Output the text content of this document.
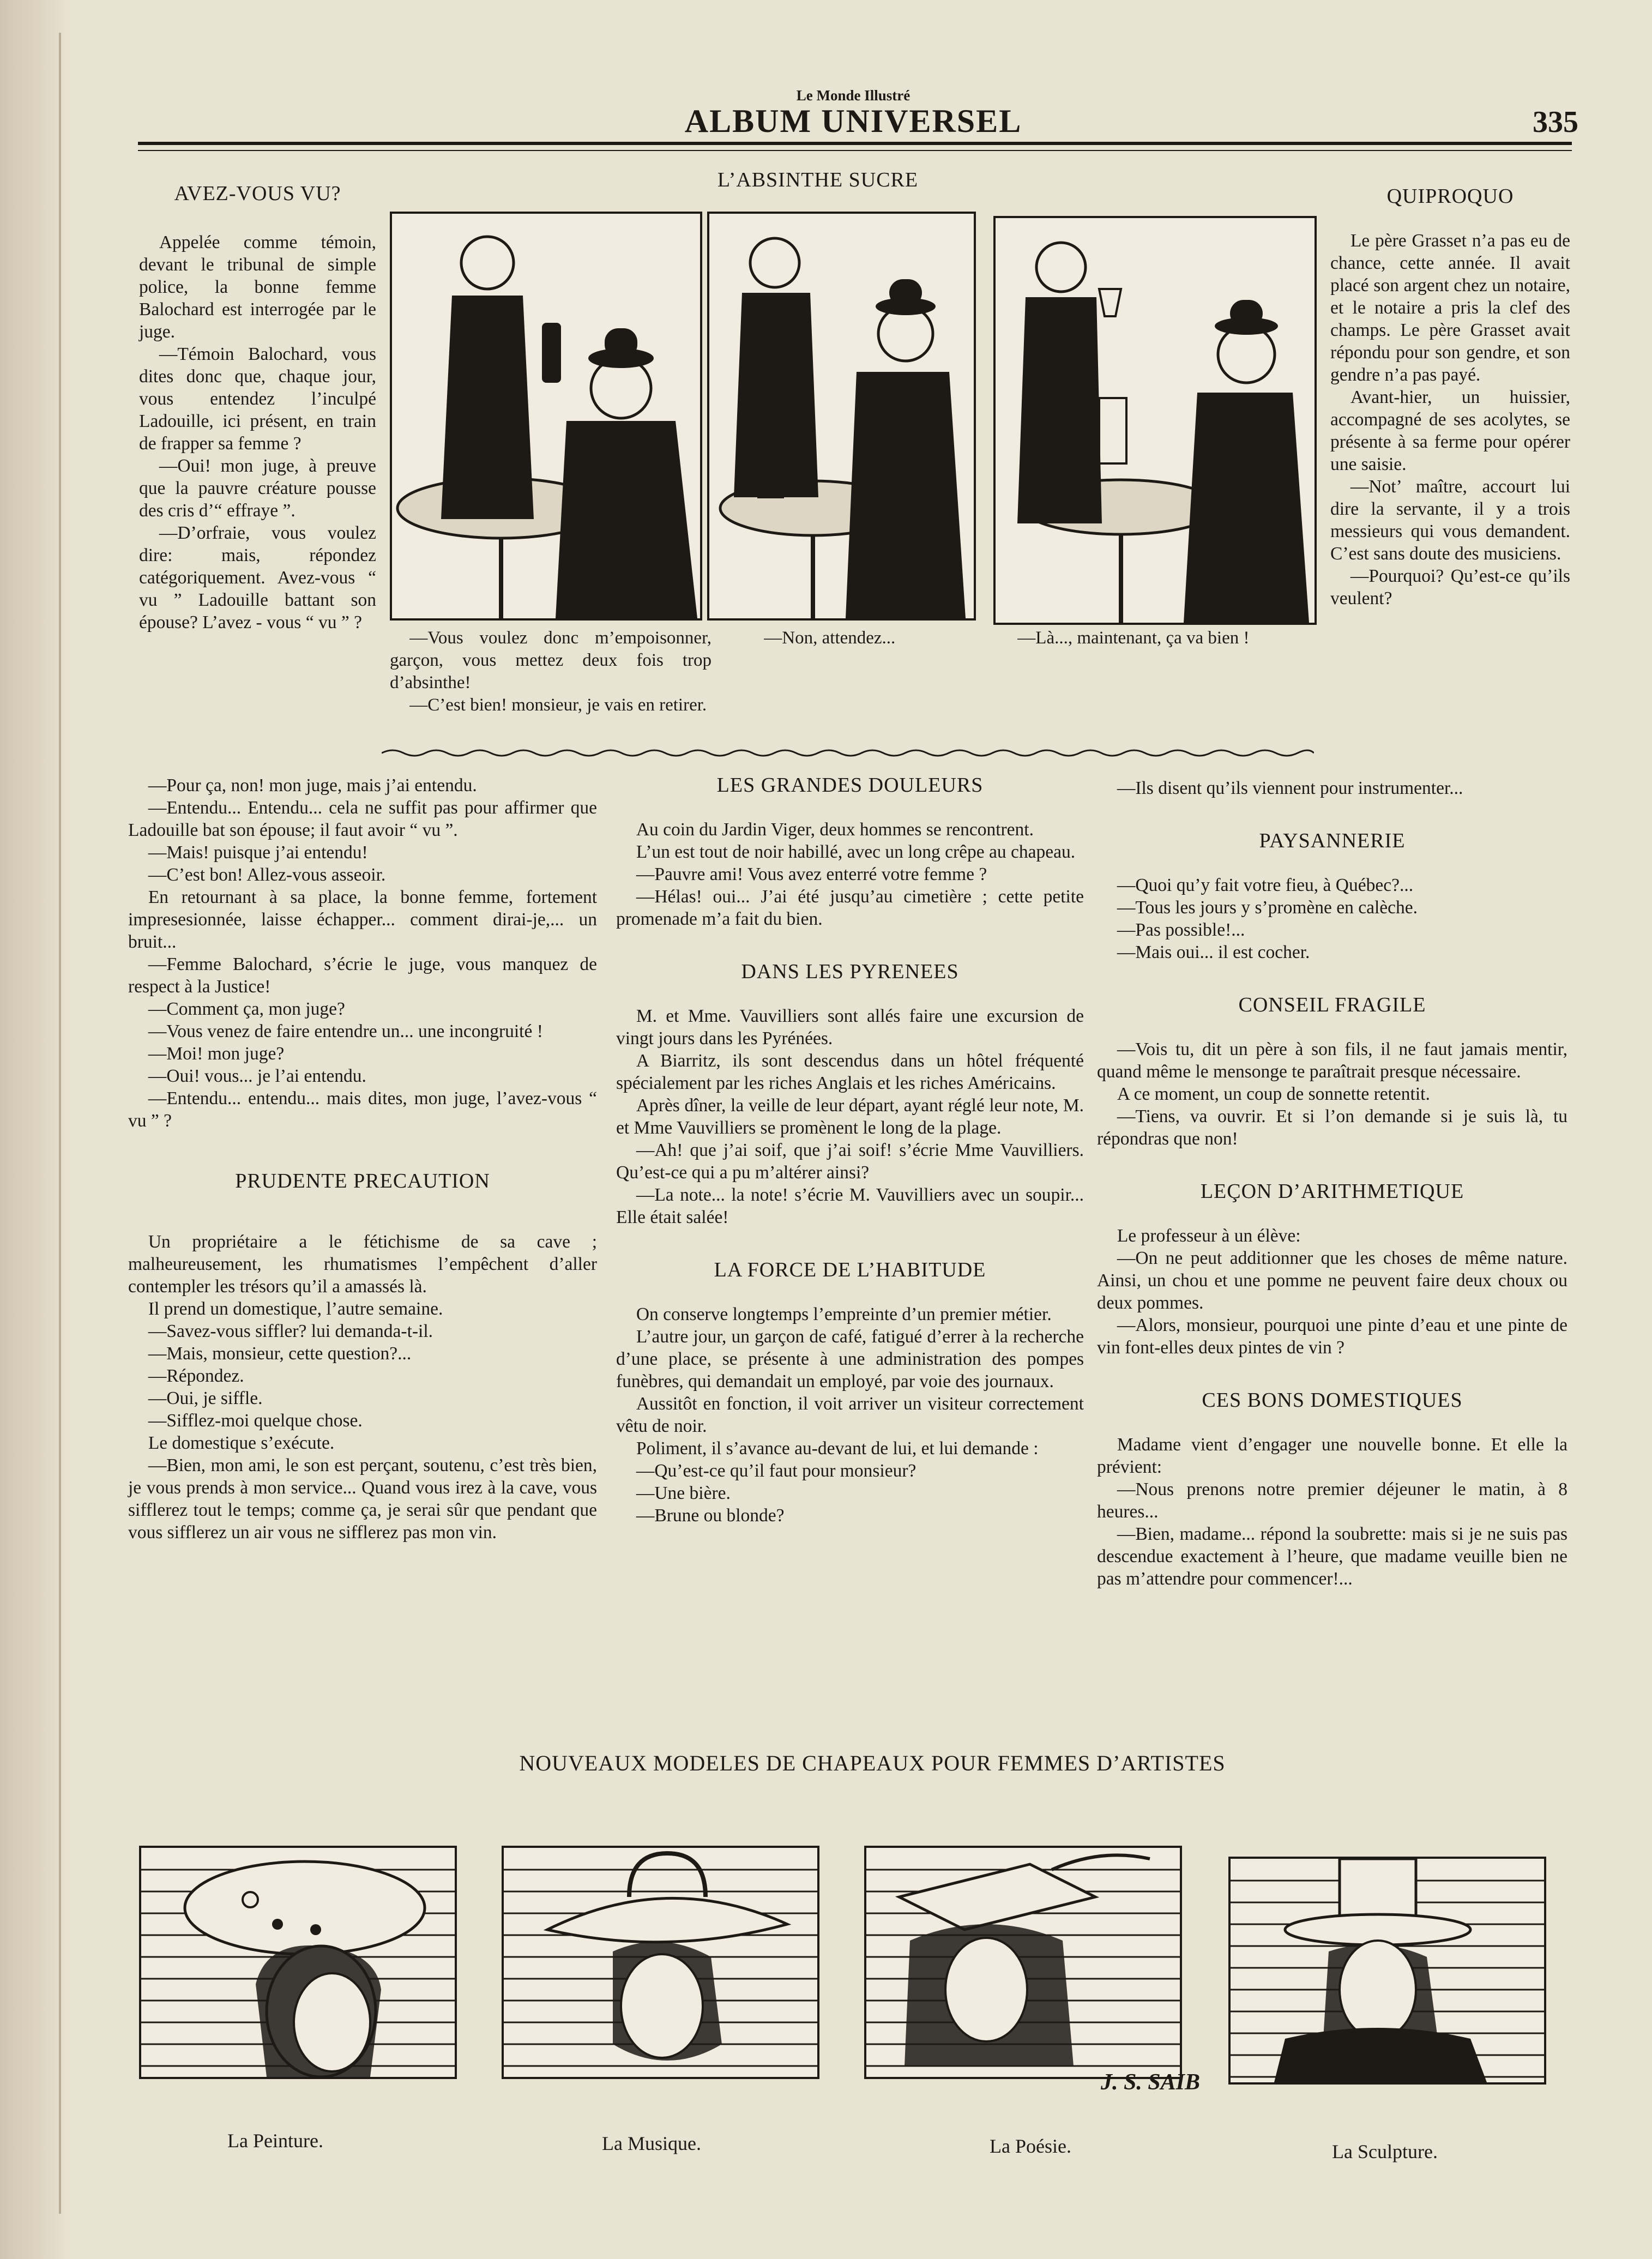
Le Monde Illustré
ALBUM UNIVERSEL	335
AVEZ-VOUS VU?

Appelée comme témoin, devant le tribunal de simple police, la bonne femme Balochard est interrogée par le juge.

—Témoin Balochard, vous dites donc que, chaque jour, vous entendez l’inculpé Ladouille, ici présent, en train de frapper sa femme ?

—Oui! mon juge, à preuve que la pauvre créature pousse des cris d’“ effraye ”.

—D’orfraie, vous voulez dire: mais, répondez catégoriquement. Avez-vous “ vu ” Ladouille battant son épouse? L’avez - vous “ vu ” ?

L’ABSINTHE SUCRE

—Vous voulez donc m’empoisonner, garçon, vous mettez deux fois trop d’absinthe!

—C’est bien! monsieur, je vais en retirer.

—Non, attendez...	—Là..., maintenant, ça va bien !

QUIPROQUO

Le père Grasset n’a pas eu de chance, cette année. Il avait placé son argent chez un notaire, et le notaire a pris la clef des champs. Le père Grasset avait répondu pour son gendre, et son gendre n’a pas payé.

Avant-hier, un huissier, accompagné de ses acolytes, se présente à sa ferme pour opérer une saisie.

—Not’ maître, accourt lui dire la servante, il y a trois messieurs qui vous demandent. C’est sans doute des musiciens.

—Pourquoi? Qu’est-ce qu’ils veulent?

—Pour ça, non! mon juge, mais j’ai entendu.

—Entendu... Entendu... cela ne suffit pas pour affirmer que Ladouille bat son épouse; il faut avoir “ vu ”.

—Mais! puisque j’ai entendu!

—C’est bon! Allez-vous asseoir.

En retournant à sa place, la bonne femme, fortement impresesionnée, laisse échapper... comment dirai-je,... un bruit...

—Femme Balochard, s’écrie le juge, vous manquez de respect à la Justice!

—Comment ça, mon juge?

—Vous venez de faire entendre un... une incongruité !

—Moi! mon juge?

—Oui! vous... je l’ai entendu.

—Entendu... entendu... mais dites, mon juge, l’avez-vous “ vu ” ?

PRUDENTE PRECAUTION

Un propriétaire a le fétichisme de sa cave ; malheureusement, les rhumatismes l’empêchent d’aller contempler les trésors qu’il a amassés là.

Il prend un domestique, l’autre semaine.

—Savez-vous siffler? lui demanda-t-il.

—Mais, monsieur, cette question?...

—Répondez.

—Oui, je siffle.

—Sifflez-moi quelque chose.

Le domestique s’exécute.

—Bien, mon ami, le son est perçant, soutenu, c’est très bien, je vous prends à mon service... Quand vous irez à la cave, vous sifflerez tout le temps; comme ça, je serai sûr que pendant que vous sifflerez un air vous ne sifflerez pas mon vin.

LES GRANDES DOULEURS

Au coin du Jardin Viger, deux hommes se rencontrent.

L’un est tout de noir habillé, avec un long crêpe au chapeau.

—Pauvre ami! Vous avez enterré votre femme ?

—Hélas! oui... J’ai été jusqu’au cimetière ; cette petite promenade m’a fait du bien.

DANS LES PYRENEES

M. et Mme. Vauvilliers sont allés faire une excursion de vingt jours dans les Pyrénées.

A Biarritz, ils sont descendus dans un hôtel fréquenté spécialement par les riches Anglais et les riches Américains.

Après dîner, la veille de leur départ, ayant réglé leur note, M. et Mme Vauvilliers se promènent le long de la plage.

—Ah! que j’ai soif, que j’ai soif! s’écrie Mme Vauvilliers. Qu’est-ce qui a pu m’altérer ainsi?

—La note... la note! s’écrie M. Vauvilliers avec un soupir... Elle était salée!

LA FORCE DE L’HABITUDE

On conserve longtemps l’empreinte d’un premier métier.

L’autre jour, un garçon de café, fatigué d’errer à la recherche d’une place, se présente à une administration des pompes funèbres, qui demandait un employé, par voie des journaux.

Aussitôt en fonction, il voit arriver un visiteur correctement vêtu de noir.

Poliment, il s’avance au-devant de lui, et lui demande :

—Qu’est-ce qu’il faut pour monsieur?

—Une bière.

—Brune ou blonde?

—Ils disent qu’ils viennent pour instrumenter...

PAYSANNERIE

—Quoi qu’y fait votre fieu, à Québec?...

—Tous les jours y s’promène en calèche.

—Pas possible!...

—Mais oui... il est cocher.

CONSEIL FRAGILE

—Vois tu, dit un père à son fils, il ne faut jamais mentir, quand même le mensonge te paraîtrait presque nécessaire.

A ce moment, un coup de sonnette retentit.

—Tiens, va ouvrir. Et si l’on demande si je suis là, tu répondras que non!

LEÇON D’ARITHMETIQUE

Le professeur à un élève:

—On ne peut additionner que les choses de même nature. Ainsi, un chou et une pomme ne peuvent faire deux choux ou deux pommes.

—Alors, monsieur, pourquoi une pinte d’eau et une pinte de vin font-elles deux pintes de vin ?

CES BONS DOMESTIQUES

Madame vient d’engager une nouvelle bonne. Et elle la prévient:

—Nous prenons notre premier déjeuner le matin, à 8 heures...

—Bien, madame... répond la soubrette: mais si je ne suis pas descendue exactement à l’heure, que madame veuille bien ne pas m’attendre pour commencer!...

NOUVEAUX MODELES DE CHAPEAUX POUR FEMMES D’ARTISTES
J. S. SAIB
La Peinture.	La Musique.	La Poésie.	La Sculpture.
